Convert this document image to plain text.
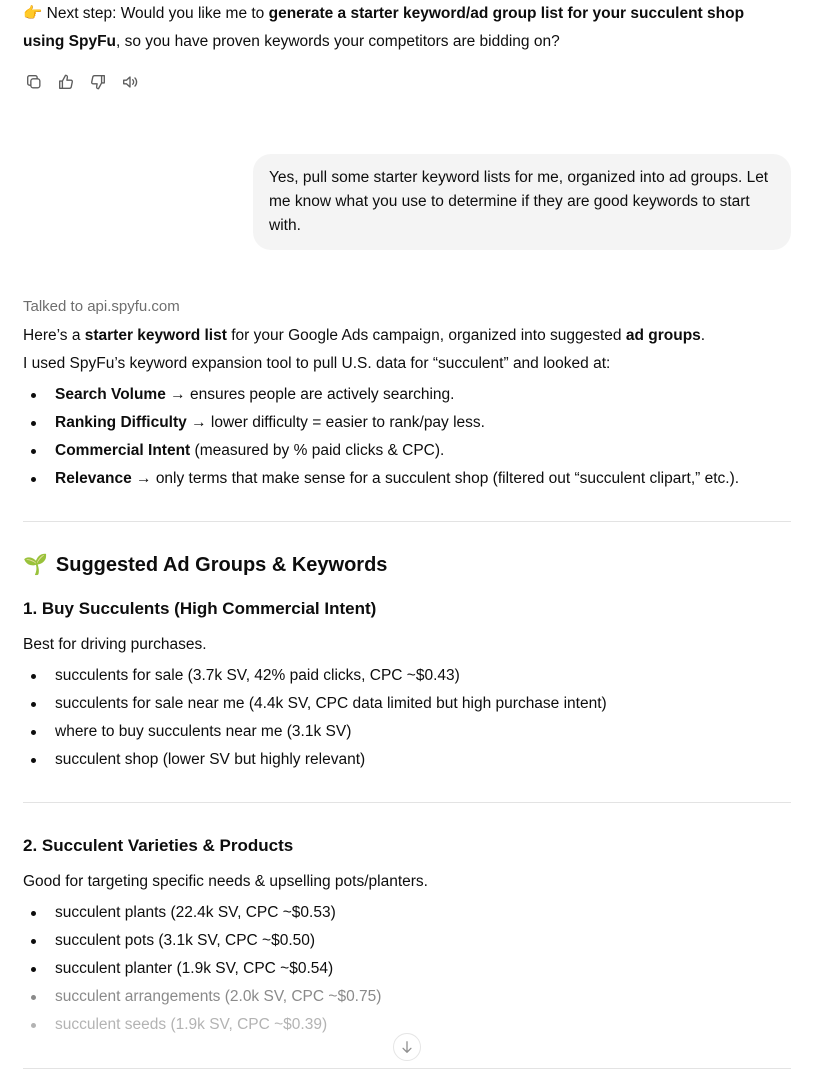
👉 Next step: Would you like me to generate a starter keyword/ad group list for your succulent shop using SpyFu, so you have proven keywords your competitors are bidding on?

Yes, pull some starter keyword lists for me, organized into ad groups. Let me know what you use to determine if they are good keywords to start with.

Talked to api.spyfu.com

Here’s a starter keyword list for your Google Ads campaign, organized into suggested ad groups.

I used SpyFu’s keyword expansion tool to pull U.S. data for “succulent” and looked at:

Search Volume → ensures people are actively searching.
Ranking Difficulty → lower difficulty = easier to rank/pay less.
Commercial Intent (measured by % paid clicks & CPC).
Relevance → only terms that make sense for a succulent shop (filtered out “succulent clipart,” etc.).
🌱 Suggested Ad Groups & Keywords
1. Buy Succulents (High Commercial Intent)

Best for driving purchases.

succulents for sale (3.7k SV, 42% paid clicks, CPC ~$0.43)
succulents for sale near me (4.4k SV, CPC data limited but high purchase intent)
where to buy succulents near me (3.1k SV)
succulent shop (lower SV but highly relevant)
2. Succulent Varieties & Products

Good for targeting specific needs & upselling pots/planters.

succulent plants (22.4k SV, CPC ~$0.53)
succulent pots (3.1k SV, CPC ~$0.50)
succulent planter (1.9k SV, CPC ~$0.54)
succulent arrangements (2.0k SV, CPC ~$0.75)
succulent seeds (1.9k SV, CPC ~$0.39)
